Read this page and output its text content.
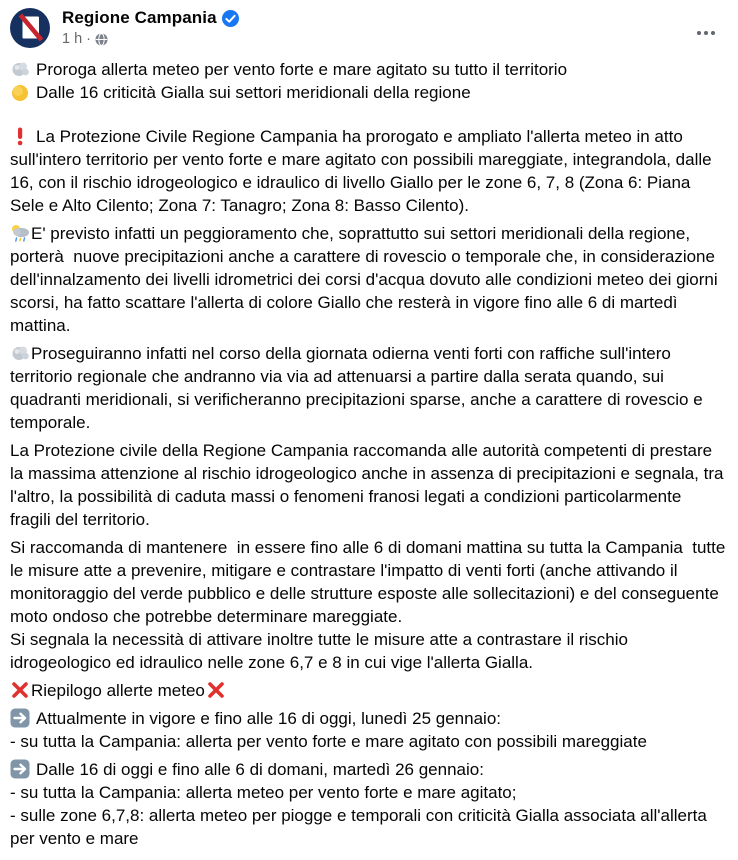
Regione Campania
1 h ·
Proroga allerta meteo per vento forte e mare agitato su tutto il territorio
Dalle 16 criticità Gialla sui settori meridionali della regione
La Protezione Civile Regione Campania ha prorogato e ampliato l'allerta meteo in atto sull'intero territorio per vento forte e mare agitato con possibili mareggiate, integrandola, dalle 16, con il rischio idrogeologico e idraulico di livello Giallo per le zone 6, 7, 8 (Zona 6: Piana Sele e Alto Cilento; Zona 7: Tanagro; Zona 8: Basso Cilento).
E' previsto infatti un peggioramento che, soprattutto sui settori meridionali della regione, porterà  nuove precipitazioni anche a carattere di rovescio o temporale che, in considerazione dell'innalzamento dei livelli idrometrici dei corsi d'acqua dovuto alle condizioni meteo dei giorni scorsi, ha fatto scattare l'allerta di colore Giallo che resterà in vigore fino alle 6 di martedì mattina.
Proseguiranno infatti nel corso della giornata odierna venti forti con raffiche sull'intero territorio regionale che andranno via via ad attenuarsi a partire dalla serata quando, sui quadranti meridionali, si verificheranno precipitazioni sparse, anche a carattere di rovescio e temporale.
La Protezione civile della Regione Campania raccomanda alle autorità competenti di prestare la massima attenzione al rischio idrogeologico anche in assenza di precipitazioni e segnala, tra l'altro, la possibilità di caduta massi o fenomeni franosi legati a condizioni particolarmente fragili del territorio.
Si raccomanda di mantenere  in essere fino alle 6 di domani mattina su tutta la Campania  tutte le misure atte a prevenire, mitigare e contrastare l'impatto di venti forti (anche attivando il monitoraggio del verde pubblico e delle strutture esposte alle sollecitazioni) e del conseguente moto ondoso che potrebbe determinare mareggiate.
Si segnala la necessità di attivare inoltre tutte le misure atte a contrastare il rischio idrogeologico ed idraulico nelle zone 6,7 e 8 in cui vige l'allerta Gialla.
Riepilogo allerte meteo
Attualmente in vigore e fino alle 16 di oggi, lunedì 25 gennaio:
- su tutta la Campania: allerta per vento forte e mare agitato con possibili mareggiate
Dalle 16 di oggi e fino alle 6 di domani, martedì 26 gennaio:
- su tutta la Campania: allerta meteo per vento forte e mare agitato;
- sulle zone 6,7,8: allerta meteo per piogge e temporali con criticità Gialla associata all'allerta per vento e mare
